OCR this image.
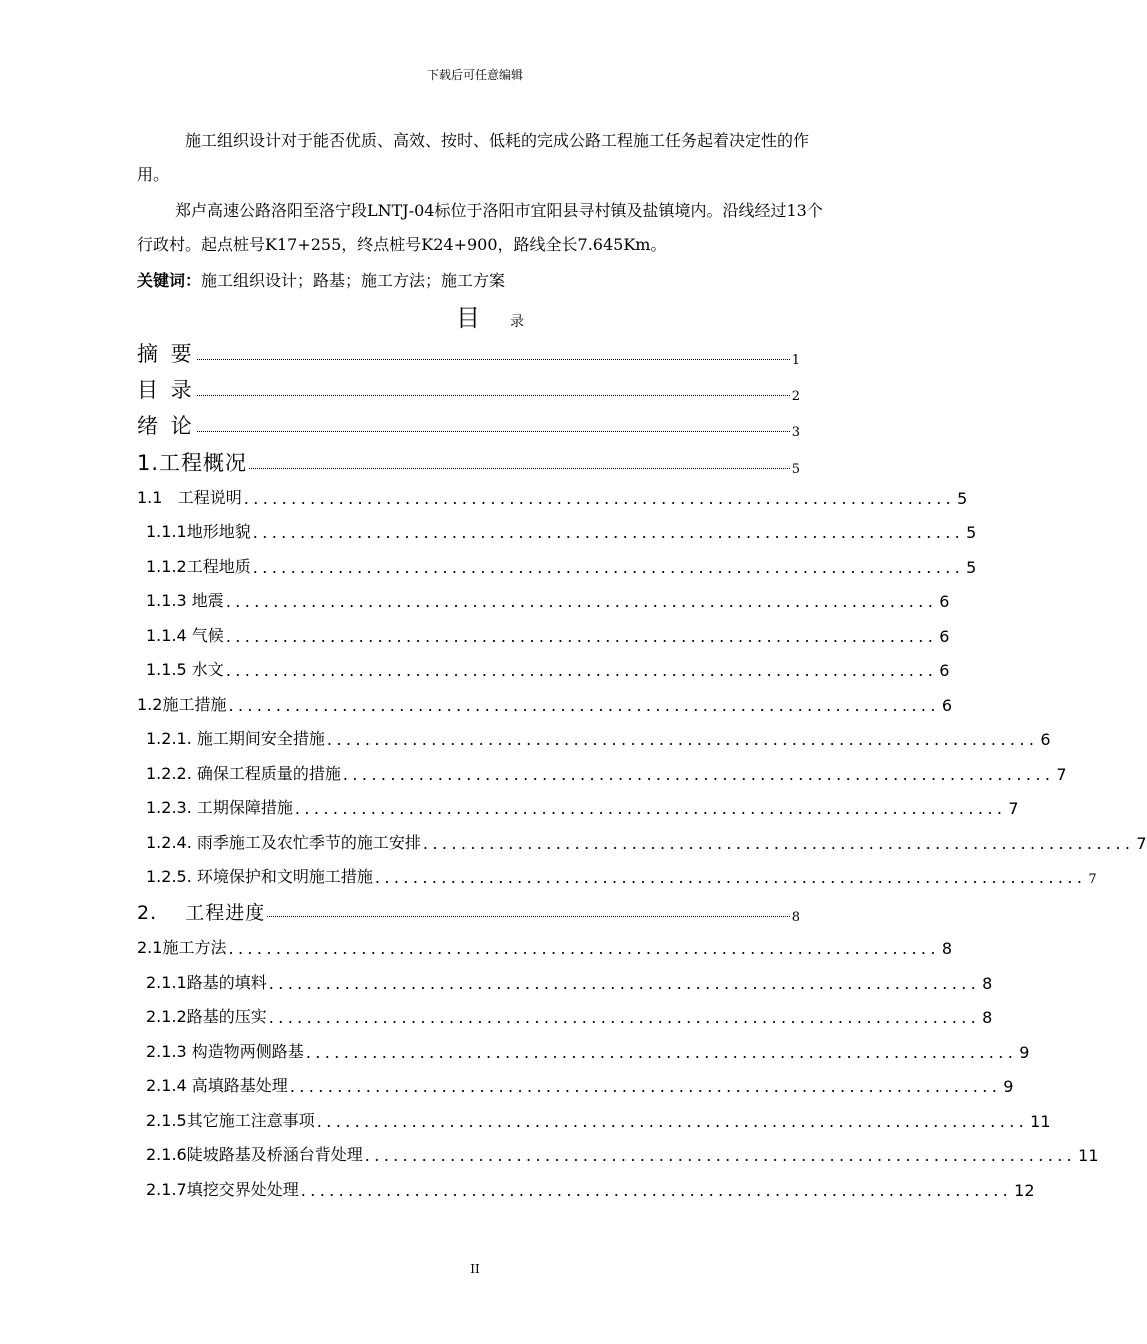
下载后可任意编辑
施工组织设计对于能否优质、高效、按时、低耗的完成公路工程施工任务起着决定性的作用。
郑卢高速公路洛阳至洛宁段LNTJ-04标位于洛阳市宜阳县寻村镇及盐镇境内。沿线经过13个行政村。起点桩号K17+255，终点桩号K24+900，路线全长7.645Km。
关键词：施工组织设计；路基；施工方法；施工方案
目 录
摘 要	1
目 录	2
绪 论	3
1.工程概况	5
1.1   工程说明 ........................................................................... 5
1.1.1地形地貌 ........................................................................... 5
1.1.2工程地质 ........................................................................... 5
1.1.3 地震 ........................................................................... 6
1.1.4 气候 ........................................................................... 6
1.1.5 水文 ........................................................................... 6
1.2施工措施 ........................................................................... 6
1.2.1. 施工期间安全措施 ........................................................................... 6
1.2.2. 确保工程质量的措施 ........................................................................... 7
1.2.3. 工期保障措施 ........................................................................... 7
1.2.4. 雨季施工及农忙季节的施工安排 ........................................................................... 7
1.2.5. 环境保护和文明施工措施 ........................................................................... 7
2.    工程进度	8
2.1施工方法 ........................................................................... 8
2.1.1路基的填料 ........................................................................... 8
2.1.2路基的压实 ........................................................................... 8
2.1.3 构造物两侧路基 ........................................................................... 9
2.1.4 高填路基处理 ........................................................................... 9
2.1.5其它施工注意事项 ........................................................................... 11
2.1.6陡坡路基及桥涵台背处理 ........................................................................... 11
2.1.7填挖交界处处理 ........................................................................... 12
II
